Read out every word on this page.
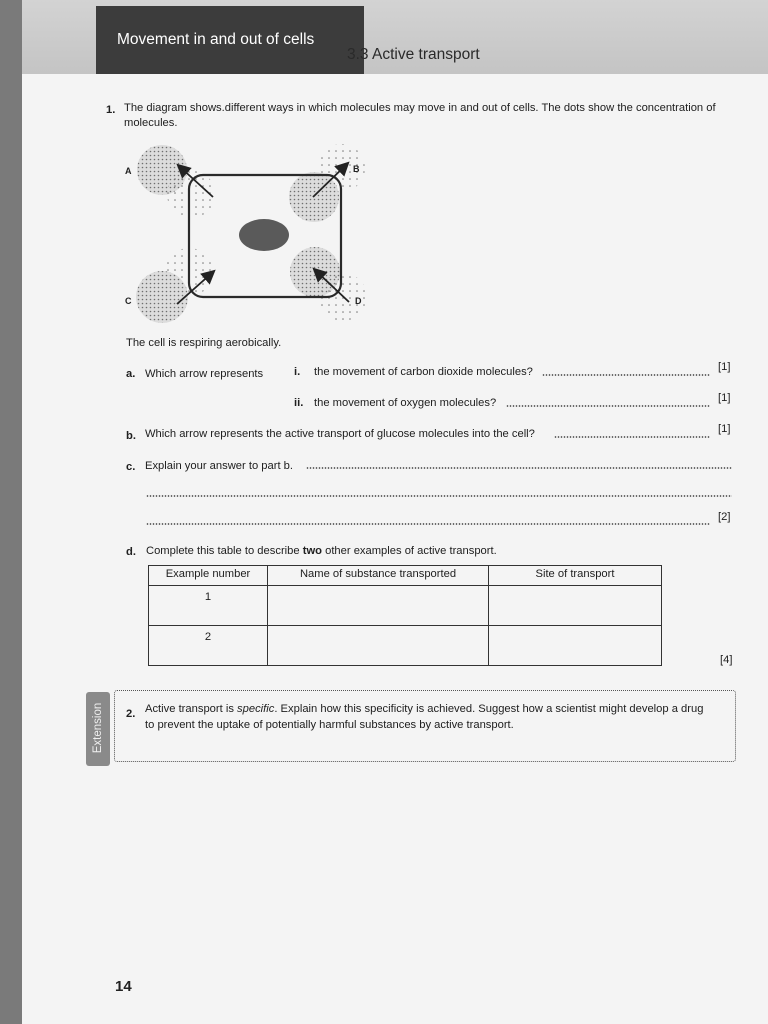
Movement in and out of cells
3.3 Active transport
1. The diagram shows.different ways in which molecules may move in and out of cells. The dots show the concentration of molecules.
A	B
C	D
The cell is respiring aerobically.
a. Which arrow represents	i. the movement of carbon dioxide molecules?	[1]
ii. the movement of oxygen molecules?	[1]
b. Which arrow represents the active transport of glucose molecules into the cell?	[1]
c. Explain your answer to part b.
[2]
d. Complete this table to describe two other examples of active transport.
Example number	Name of substance transported	Site of transport
1		
2		
[4]
Extension 2. Active transport is specific. Explain how this specificity is achieved. Suggest how a scientist might develop a drug to prevent the uptake of potentially harmful substances by active transport.
14
